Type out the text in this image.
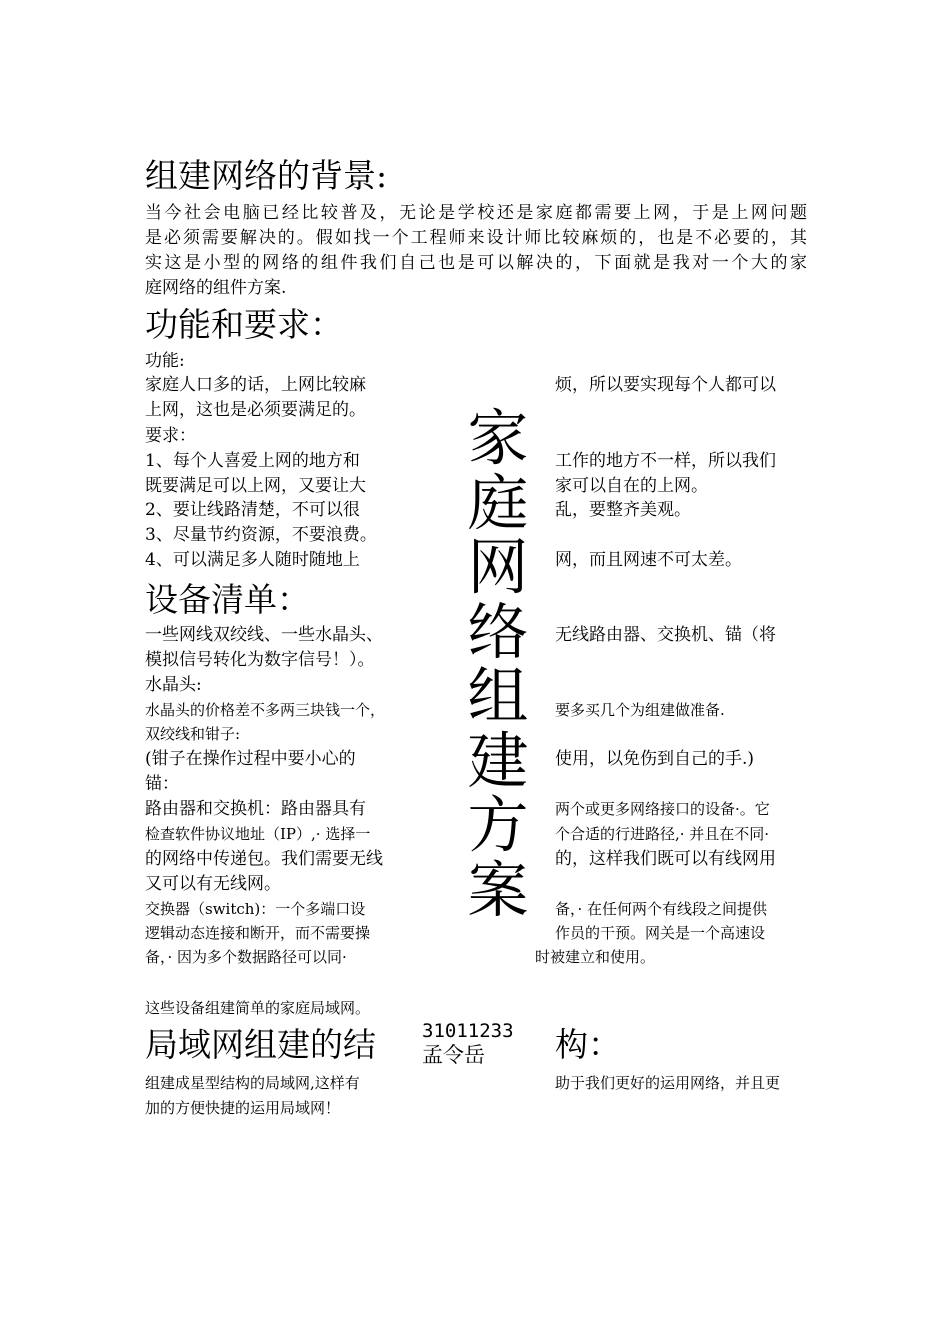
组建网络的背景:
当今社会电脑已经比较普及，无论是学校还是家庭都需要上网，于是上网问题
是必须需要解决的。假如找一个工程师来设计师比较麻烦的，也是不必要的，其
实这是小型的网络的组件我们自己也是可以解决的，下面就是我对一个大的家
庭网络的组件方案.
功能和要求：
功能:
家庭人口多的话，上网比较麻	烦，所以要实现每个人都可以
上网，这也是必须要满足的。
要求：
1、每个人喜爱上网的地方和	工作的地方不一样，所以我们
既要满足可以上网，又要让大	家可以自在的上网。
2、要让线路清楚，不可以很	乱，要整齐美观。
3、尽量节约资源，不要浪费。
4、可以满足多人随时随地上	网，而且网速不可太差。
设备清单：
一些网线双绞线、一些水晶头、	无线路由器、交换机、锚（将
模拟信号转化为数字信号！）。
水晶头:
水晶头的价格差不多两三块钱一个，	要多买几个为组建做准备.
双绞线和钳子:
(钳子在操作过程中要小心的	使用，以免伤到自己的手.)
锚：
路由器和交换机：路由器具有	两个或更多网络接口的设备·。它
检查软件协议地址（IP）,· 选择一	个合适的行进路径,· 并且在不同·
的网络中传递包。我们需要无线	的，这样我们既可以有线网用
又可以有无线网。
交换器（switch)：一个多端口设	备，· 在任何两个有线段之间提供
逻辑动态连接和断开，而不需要操	作员的干预。网关是一个高速设
备，· 因为多个数据路径可以同·	时被建立和使用。
这些设备组建简单的家庭局域网。
局域网组建的结	构：
组建成星型结构的局域网,这样有	助于我们更好的运用网络，并且更
加的方便快捷的运用局域网！
31011233
孟令岳
家
庭
网
络
组
建
方
案
